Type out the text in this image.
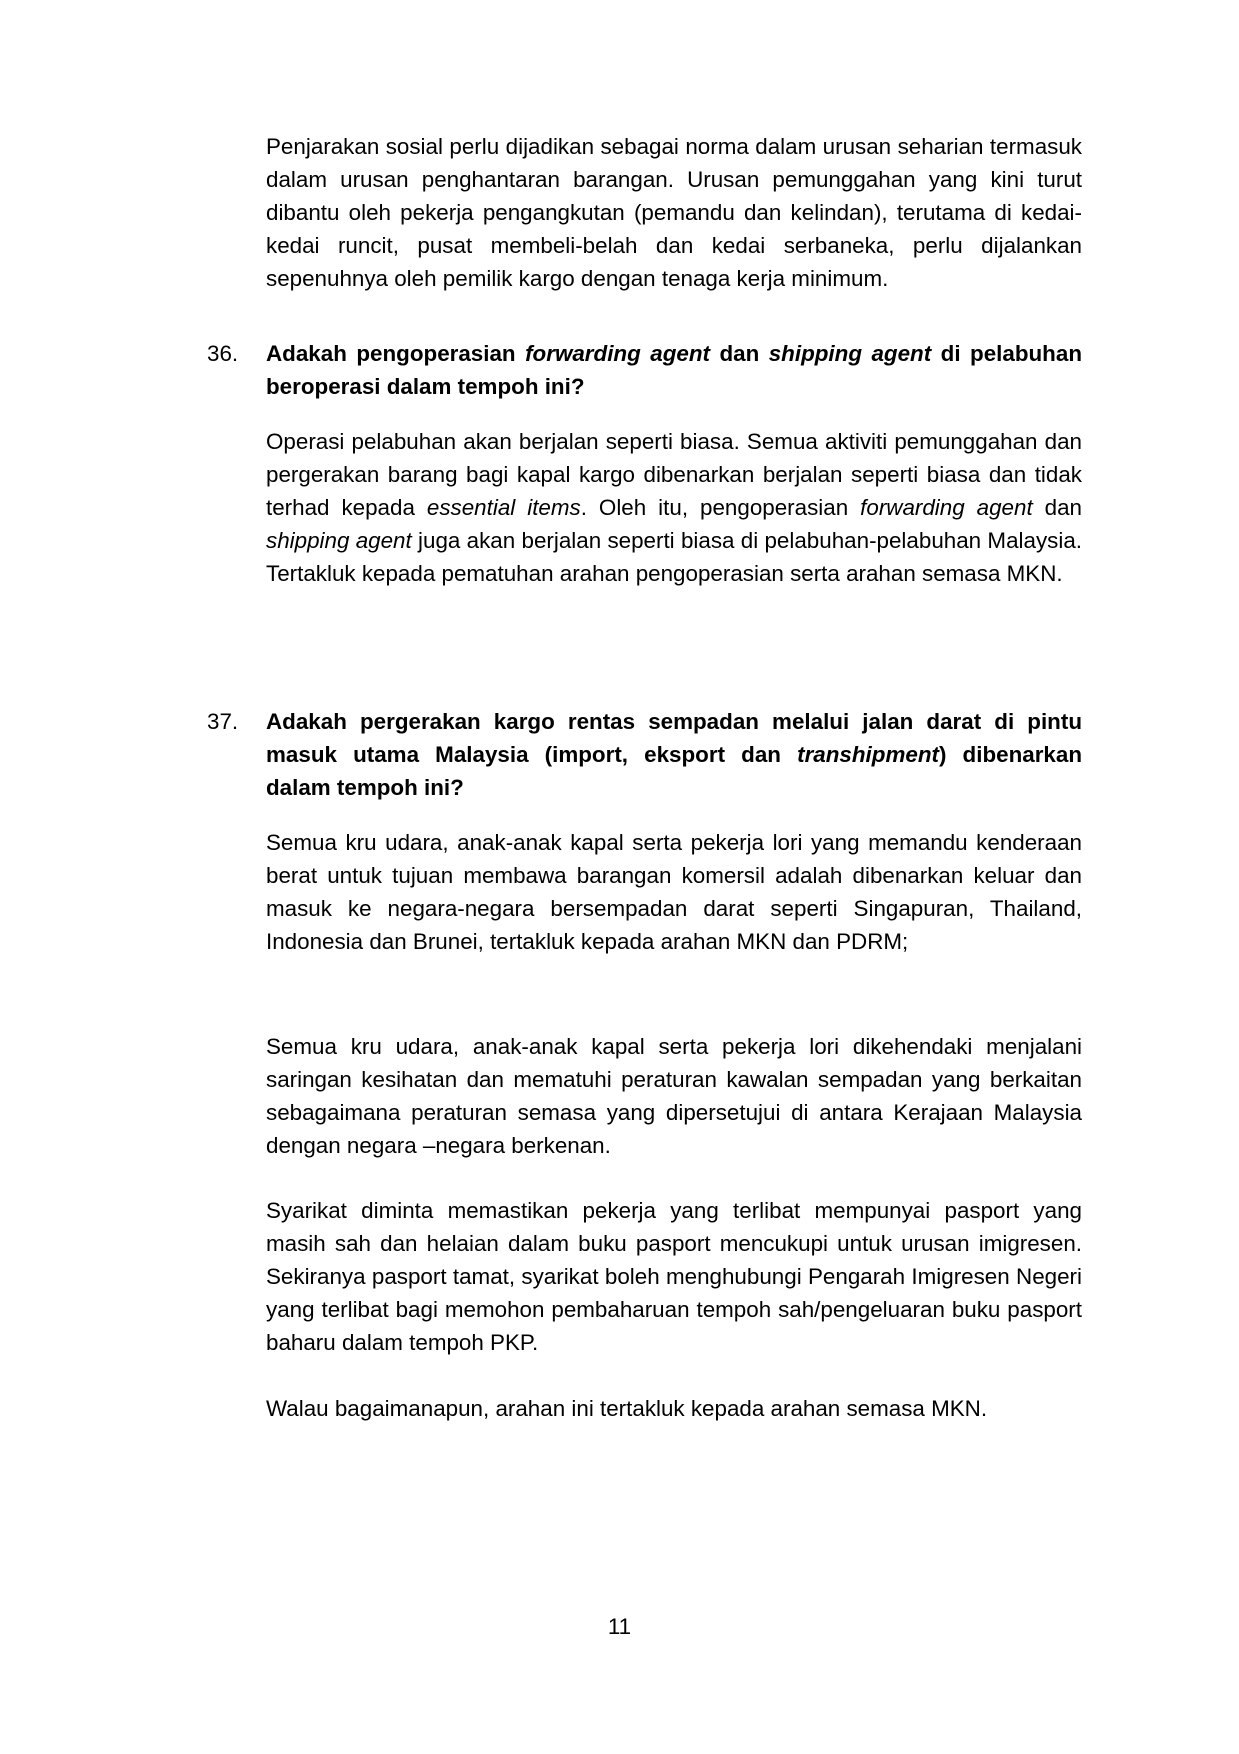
Penjarakan sosial perlu dijadikan sebagai norma dalam urusan seharian termasuk dalam urusan penghantaran barangan. Urusan pemunggahan yang kini turut dibantu oleh pekerja pengangkutan (pemandu dan kelindan), terutama di kedai-kedai runcit, pusat membeli-belah dan kedai serbaneka, perlu dijalankan sepenuhnya oleh pemilik kargo dengan tenaga kerja minimum.

36. Adakah pengoperasian forwarding agent dan shipping agent di pelabuhan beroperasi dalam tempoh ini?

Operasi pelabuhan akan berjalan seperti biasa. Semua aktiviti pemunggahan dan pergerakan barang bagi kapal kargo dibenarkan berjalan seperti biasa dan tidak terhad kepada essential items. Oleh itu, pengoperasian forwarding agent dan shipping agent juga akan berjalan seperti biasa di pelabuhan-pelabuhan Malaysia. Tertakluk kepada pematuhan arahan pengoperasian serta arahan semasa MKN.

37. Adakah pergerakan kargo rentas sempadan melalui jalan darat di pintu masuk utama Malaysia (import, eksport dan transhipment) dibenarkan dalam tempoh ini?

Semua kru udara, anak-anak kapal serta pekerja lori yang memandu kenderaan berat untuk tujuan membawa barangan komersil adalah dibenarkan keluar dan masuk ke negara-negara bersempadan darat seperti Singapuran, Thailand, Indonesia dan Brunei, tertakluk kepada arahan MKN dan PDRM;

Semua kru udara, anak-anak kapal serta pekerja lori dikehendaki menjalani saringan kesihatan dan mematuhi peraturan kawalan sempadan yang berkaitan sebagaimana peraturan semasa yang dipersetujui di antara Kerajaan Malaysia dengan negara –negara berkenan.

Syarikat diminta memastikan pekerja yang terlibat mempunyai pasport yang masih sah dan helaian dalam buku pasport mencukupi untuk urusan imigresen. Sekiranya pasport tamat, syarikat boleh menghubungi Pengarah Imigresen Negeri yang terlibat bagi memohon pembaharuan tempoh sah/pengeluaran buku pasport baharu dalam tempoh PKP.

Walau bagaimanapun, arahan ini tertakluk kepada arahan semasa MKN.

11
